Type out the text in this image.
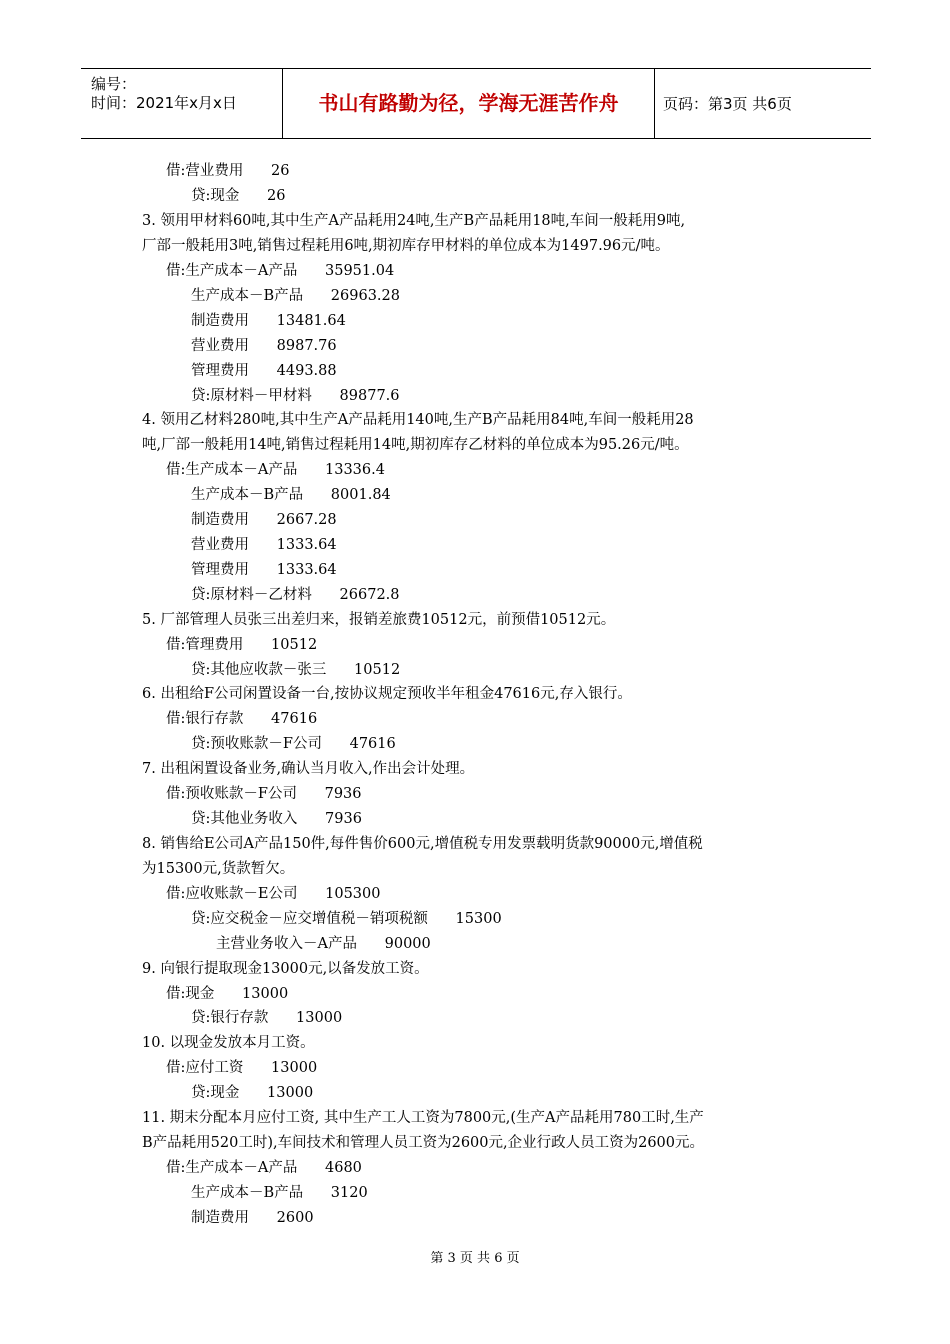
编号：
时间：2021年x月x日	书山有路勤为径，学海无涯苦作舟	页码：第3页 共6页
借:营业费用      26
贷:现金      26
3. 领用甲材料60吨,其中生产A产品耗用24吨,生产B产品耗用18吨,车间一般耗用9吨,
厂部一般耗用3吨,销售过程耗用6吨,期初库存甲材料的单位成本为1497.96元/吨。
借:生产成本－A产品      35951.04
生产成本－B产品      26963.28
制造费用      13481.64
营业费用      8987.76
管理费用      4493.88
贷:原材料－甲材料      89877.6
4. 领用乙材料280吨,其中生产A产品耗用140吨,生产B产品耗用84吨,车间一般耗用28
吨,厂部一般耗用14吨,销售过程耗用14吨,期初库存乙材料的单位成本为95.26元/吨。
借:生产成本－A产品      13336.4
生产成本－B产品      8001.84
制造费用      2667.28
营业费用      1333.64
管理费用      1333.64
贷:原材料－乙材料      26672.8
5. 厂部管理人员张三出差归来，报销差旅费10512元，前预借10512元。
借:管理费用      10512
贷:其他应收款－张三      10512
6. 出租给F公司闲置设备一台,按协议规定预收半年租金47616元,存入银行。
借:银行存款      47616
贷:预收账款－F公司      47616
7. 出租闲置设备业务,确认当月收入,作出会计处理。
借:预收账款－F公司      7936
贷:其他业务收入      7936
8. 销售给E公司A产品150件,每件售价600元,增值税专用发票载明货款90000元,增值税
为15300元,货款暂欠。
借:应收账款－E公司      105300
贷:应交税金－应交增值税－销项税额      15300
主营业务收入－A产品      90000
9. 向银行提取现金13000元,以备发放工资。
借:现金      13000
贷:银行存款      13000
10. 以现金发放本月工资。
借:应付工资      13000
贷:现金      13000
11. 期末分配本月应付工资, 其中生产工人工资为7800元,(生产A产品耗用780工时,生产
B产品耗用520工时),车间技术和管理人员工资为2600元,企业行政人员工资为2600元。
借:生产成本－A产品      4680
生产成本－B产品      3120
制造费用      2600
第 3 页 共 6 页
